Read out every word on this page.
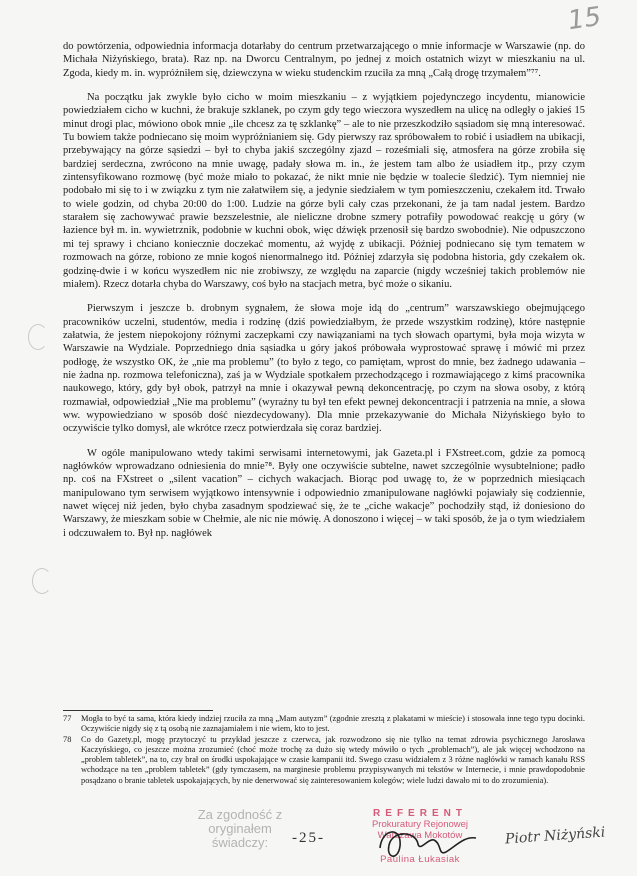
15

do powtórzenia, odpowiednia informacja dotarłaby do centrum przetwarzającego o mnie informacje w Warszawie (np. do Michała Niżyńskiego, brata). Raz np. na Dworcu Centralnym, po jednej z moich ostatnich wizyt w mieszkaniu na ul. Zgoda, kiedy m. in. wypróżniłem się, dziewczyna w wieku studenckim rzuciła za mną „Całą drogę trzymałem”⁷⁷.

Na początku jak zwykle było cicho w moim mieszkaniu – z wyjątkiem pojedynczego incydentu, mianowicie powiedziałem cicho w kuchni, że brakuje szklanek, po czym gdy tego wieczora wyszedłem na ulicę na odległy o jakieś 15 minut drogi plac, mówiono obok mnie „ile chcesz za tę szklankę” – ale to nie przeszkodziło sąsiadom się mną interesować. Tu bowiem także podniecano się moim wypróżnianiem się. Gdy pierwszy raz spróbowałem to robić i usiadłem na ubikacji, przebywający na górze sąsiedzi – był to chyba jakiś szczególny zjazd – roześmiali się, atmosfera na górze zrobiła się bardziej serdeczna, zwrócono na mnie uwagę, padały słowa m. in., że jestem tam albo że usiadłem itp., przy czym zintensyfikowano rozmowę (być może miało to pokazać, że nikt mnie nie będzie w toalecie śledzić). Tym niemniej nie podobało mi się to i w związku z tym nie załatwiłem się, a jedynie siedziałem w tym pomieszczeniu, czekałem itd. Trwało to wiele godzin, od chyba 20:00 do 1:00. Ludzie na górze byli cały czas przekonani, że ja tam nadal jestem. Bardzo starałem się zachowywać prawie bezszelestnie, ale nieliczne drobne szmery potrafiły powodować reakcję u góry (w łazience był m. in. wywietrznik, podobnie w kuchni obok, więc dźwięk przenosił się bardzo swobodnie). Nie odpuszczono mi tej sprawy i chciano koniecznie doczekać momentu, aż wyjdę z ubikacji. Później podniecano się tym tematem w rozmowach na górze, robiono ze mnie kogoś nienormalnego itd. Później zdarzyła się podobna historia, gdy czekałem ok. godzinę-dwie i w końcu wyszedłem nic nie zrobiwszy, ze względu na zaparcie (nigdy wcześniej takich problemów nie miałem). Rzecz dotarła chyba do Warszawy, coś było na stacjach metra, być może o sikaniu.

Pierwszym i jeszcze b. drobnym sygnałem, że słowa moje idą do „centrum” warszawskiego obejmującego pracowników uczelni, studentów, media i rodzinę (dziś powiedziałbym, że przede wszystkim rodzinę), które następnie załatwia, że jestem niepokojony różnymi zaczepkami czy nawiązaniami na tych słowach opartymi, była moja wizyta w Warszawie na Wydziale. Poprzedniego dnia sąsiadka u góry jakoś próbowała wyprostować sprawę i mówić mi przez podłogę, że wszystko OK, że „nie ma problemu” (to było z tego, co pamiętam, wprost do mnie, bez żadnego udawania – nie żadna np. rozmowa telefoniczna), zaś ja w Wydziale spotkałem przechodzącego i rozmawiającego z kimś pracownika naukowego, który, gdy był obok, patrzył na mnie i okazywał pewną dekoncentrację, po czym na słowa osoby, z którą rozmawiał, odpowiedział „Nie ma problemu” (wyraźny tu był ten efekt pewnej dekoncentracji i patrzenia na mnie, a słowa ww. wypowiedziano w sposób dość niezdecydowany). Dla mnie przekazywanie do Michała Niżyńskiego było to oczywiście tylko domysł, ale wkrótce rzecz potwierdzała się coraz bardziej.

W ogóle manipulowano wtedy takimi serwisami internetowymi, jak Gazeta.pl i FXstreet.com, gdzie za pomocą nagłówków wprowadzano odniesienia do mnie⁷⁸. Były one oczywiście subtelne, nawet szczególnie wysubtelnione; padło np. coś na FXstreet o „silent vacation” – cichych wakacjach. Biorąc pod uwagę to, że w poprzednich miesiącach manipulowano tym serwisem wyjątkowo intensywnie i odpowiednio zmanipulowane nagłówki pojawiały się codziennie, nawet więcej niż jeden, było chyba zasadnym spodziewać się, że te „ciche wakacje” pochodziły stąd, iż doniesiono do Warszawy, że mieszkam sobie w Chełmie, ale nic nie mówię. A donoszono i więcej – w taki sposób, że ja o tym wiedziałem i odczuwałem to. Był np. nagłówek

77	Mogła to być ta sama, która kiedy indziej rzuciła za mną „Mam autyzm” (zgodnie zresztą z plakatami w mieście) i stosowała inne tego typu docinki. Oczywiście nigdy się z tą osobą nie zaznajamiałem i nie wiem, kto to jest.
78	Co do Gazety.pl, mogę przytoczyć tu przykład jeszcze z czerwca, jak rozwodzono się nie tylko na temat zdrowia psychicznego Jarosława Kaczyńskiego, co jeszcze można zrozumieć (choć może trochę za dużo się wtedy mówiło o tych „problemach”), ale jak więcej wchodzono na „problem tabletek”, na to, czy brał on środki uspokajające w czasie kampanii itd. Swego czasu widziałem z 3 różne nagłówki w ramach kanału RSS wchodzące na ten „problem tabletek” (gdy tymczasem, na marginesie problemu przypisywanych mi tekstów w Internecie, i mnie prawdopodobnie posądzano o branie tabletek uspokajających, by nie denerwować się zainteresowaniem kolegów; wiele ludzi dawało mi to do zrozumienia).
Za zgodność z oryginałem świadczy:	-25-
REFERENT
Prokuratury Rejonowej
Warszawa Mokotów
Paulina Łukasiak
Piotr Niżyński
